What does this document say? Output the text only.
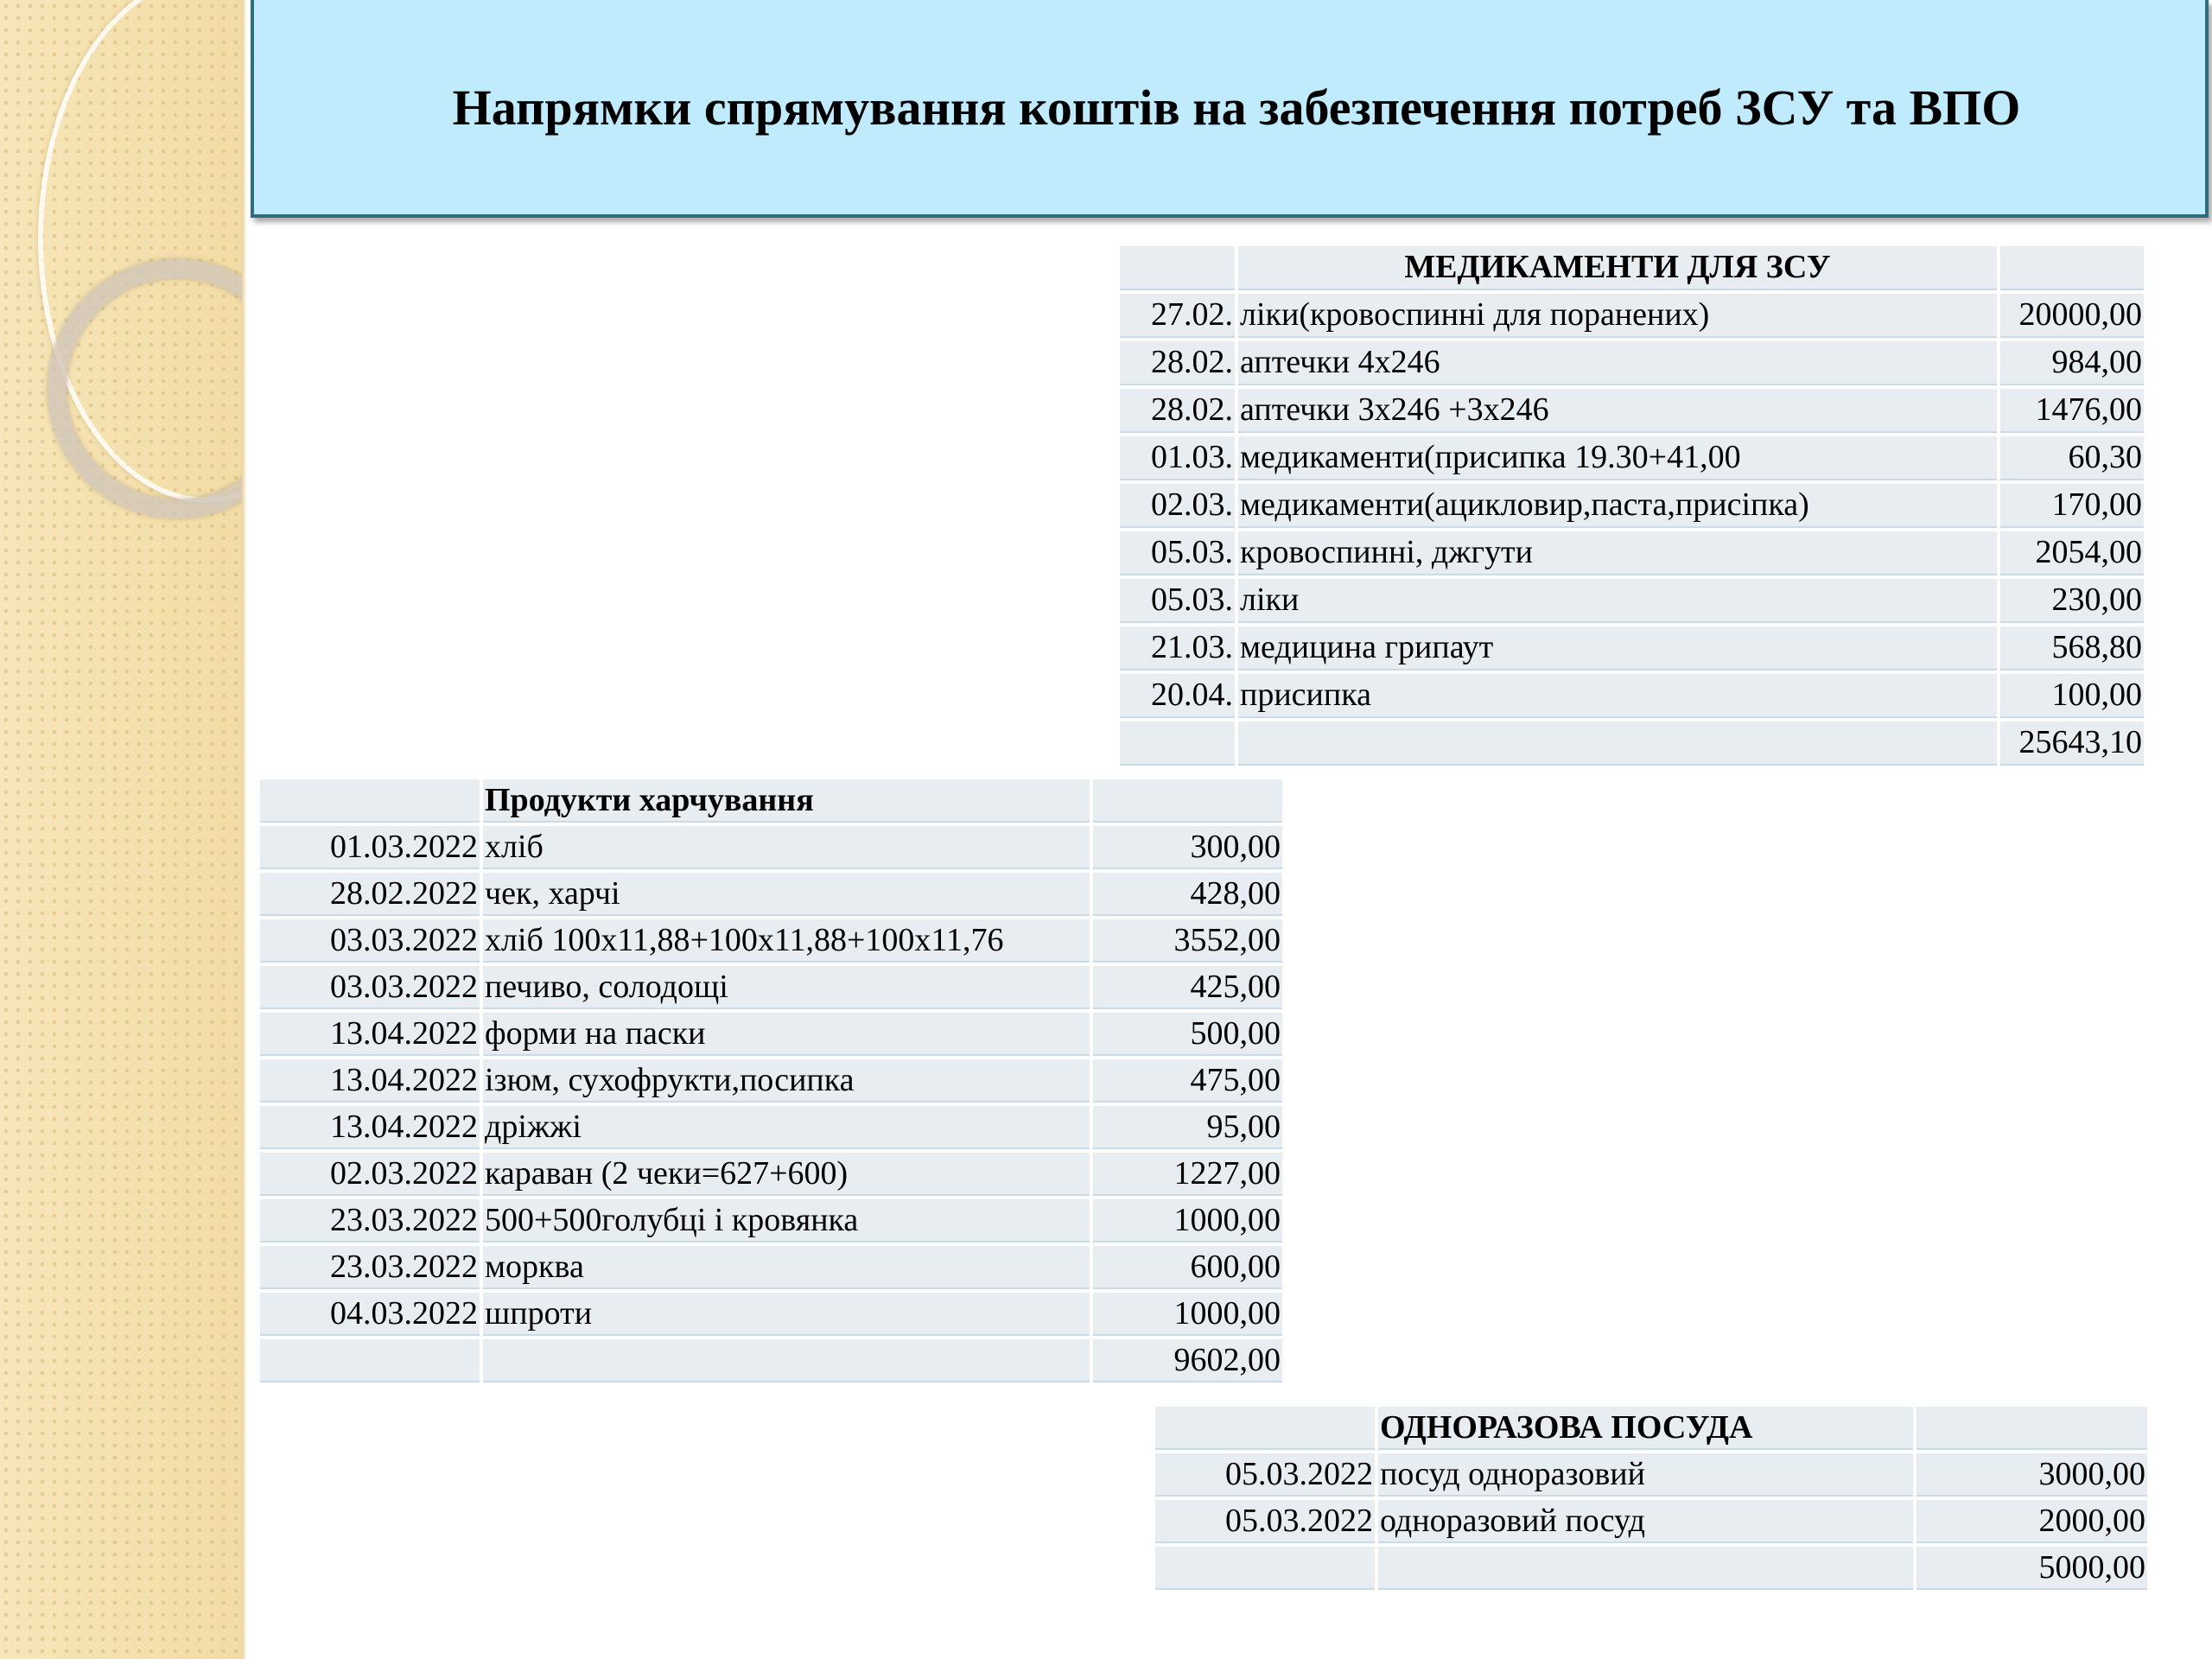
Напрямки спрямування коштів на забезпечення потреб ЗСУ та ВПО
	МЕДИКАМЕНТИ ДЛЯ ЗСУ	
27.02.	ліки(кровоспинні для поранених)	20000,00
28.02.	аптечки 4х246	984,00
28.02.	аптечки 3х246 +3х246	1476,00
01.03.	медикаменти(присипка 19.30+41,00	60,30
02.03.	медикаменти(ацикловир,паста,присіпка)	170,00
05.03.	кровоспинні, джгути	2054,00
05.03.	ліки	230,00
21.03.	медицина грипаут	568,80
20.04.	присипка	100,00
		25643,10
	Продукти харчування	
01.03.2022	хліб	300,00
28.02.2022	чек, харчі	428,00
03.03.2022	хліб 100х11,88+100х11,88+100х11,76	3552,00
03.03.2022	печиво, солодощі	425,00
13.04.2022	форми на паски	500,00
13.04.2022	ізюм, сухофрукти,посипка	475,00
13.04.2022	дріжжі	95,00
02.03.2022	караван (2 чеки=627+600)	1227,00
23.03.2022	500+500голубці і кровянка	1000,00
23.03.2022	морква	600,00
04.03.2022	шпроти	1000,00
		9602,00
	ОДНОРАЗОВА ПОСУДА	
05.03.2022	посуд одноразовий	3000,00
05.03.2022	одноразовий посуд	2000,00
		5000,00
